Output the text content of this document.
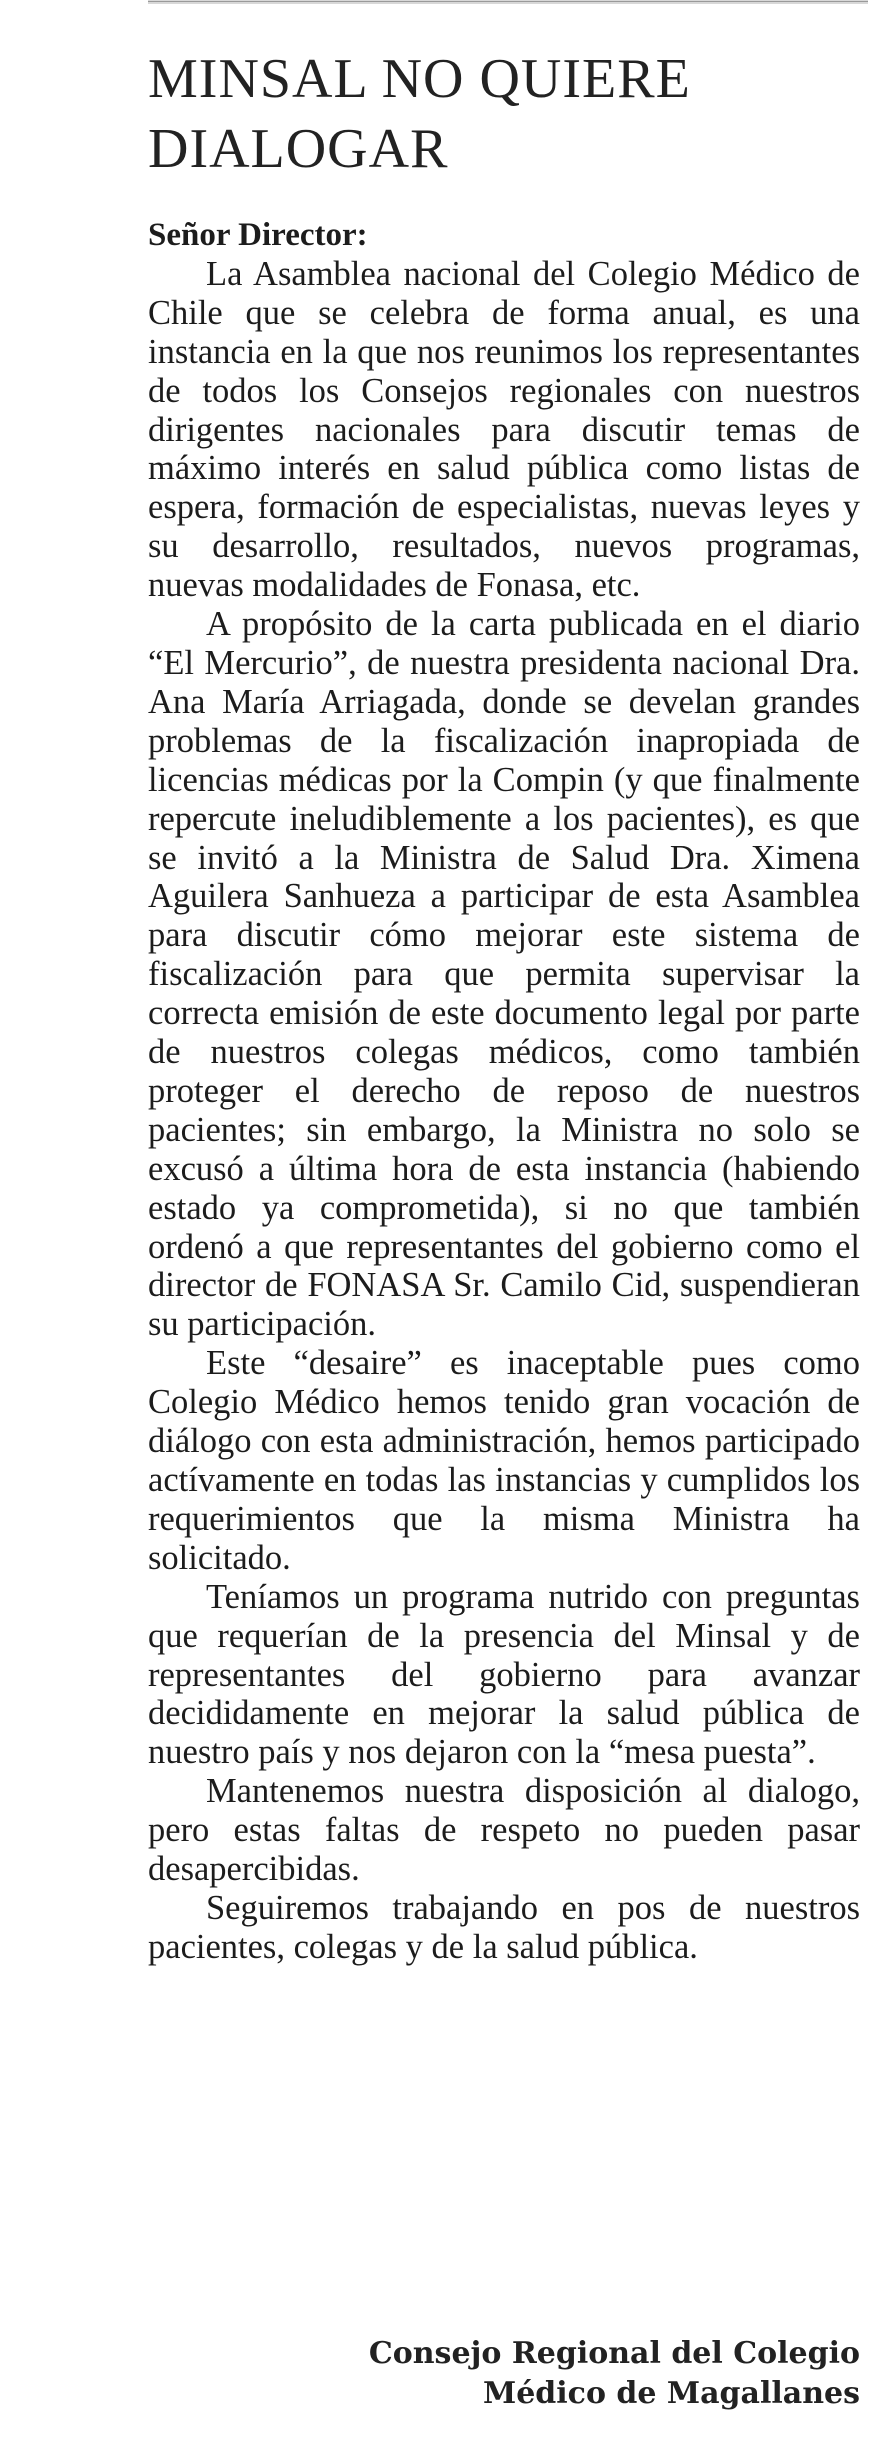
MINSAL NO QUIERE DIALOGAR

Señor Director:

La Asamblea nacional del Colegio Médico de Chile que se celebra de forma anual, es una instancia en la que nos reunimos los representantes de todos los Consejos regionales con nuestros dirigentes nacionales para discutir temas de máximo interés en salud pública como listas de espera, formación de especialistas, nuevas leyes y su desarrollo, resultados, nuevos programas, nuevas modalidades de Fonasa, etc.

A propósito de la carta publicada en el diario “El Mercurio”, de nuestra presidenta nacional Dra. Ana María Arriagada, donde se develan grandes problemas de la fiscalización inapropiada de licencias médicas por la Compin (y que finalmente repercute ineludiblemente a los pacientes), es que se invitó a la Ministra de Salud Dra. Ximena Aguilera Sanhueza a participar de esta Asamblea para discutir cómo mejorar este sistema de fiscalización para que permita supervisar la correcta emisión de este documento legal por parte de nuestros colegas médicos, como también proteger el derecho de reposo de nuestros pacientes; sin embargo, la Ministra no solo se excusó a última hora de esta instancia (habiendo estado ya comprometida), si no que también ordenó a que representantes del gobierno como el director de FONASA Sr. Camilo Cid, suspendieran su participación.

Este “desaire” es inaceptable pues como Colegio Médico hemos tenido gran vocación de diálogo con esta administración, hemos participado actívamente en todas las instancias y cumplidos los requerimientos que la misma Ministra ha solicitado.

Teníamos un programa nutrido con preguntas que requerían de la presencia del Minsal y de representantes del gobierno para avanzar decididamente en mejorar la salud pública de nuestro país y nos dejaron con la “mesa puesta”.

Mantenemos nuestra disposición al dialogo, pero estas faltas de respeto no pueden pasar desapercibidas.

Seguiremos trabajando en pos de nuestros pacientes, colegas y de la salud pública.

Consejo Regional del Colegio
Médico de Magallanes
